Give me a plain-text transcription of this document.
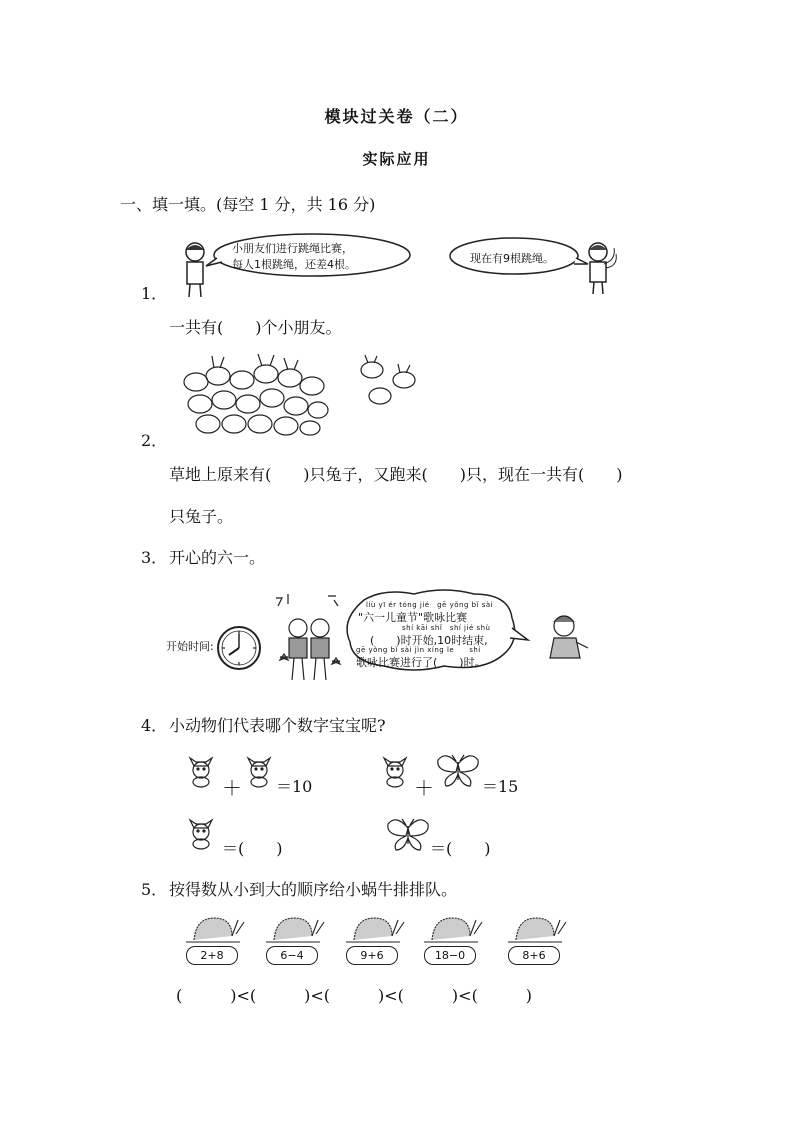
模块过关卷（二）
实际应用
一、填一填。(每空 1 分，共 16 分)
小朋友们进行跳绳比赛，
每人1根跳绳，还差4根。	现在有9根跳绳。
1．
一共有(　　)个小朋友。
2．
草地上原来有(　　)只兔子，又跑来(　　)只，现在一共有(　　)
只兔子。
3． 开心的六一。
开始时间:
liù yī ér tóng jié　gē yǒng bǐ sài
"六一儿童节"歌咏比赛
shí kāi shǐ　shí jié shù
(　　)时开始,10时结束,
gē yǒng bǐ sài jìn xíng le　　shí
歌咏比赛进行了(　　)时。
4． 小动物们代表哪个数字宝宝呢?
＋ ＝10	＋	＝15
＝(　　)	＝(　　)
5． 按得数从小到大的顺序给小蜗牛排排队。
2+8	6−4	9+6	18−0	8+6
(　　　)<(　　　)<(　　　)<(　　　)<(　　　)
